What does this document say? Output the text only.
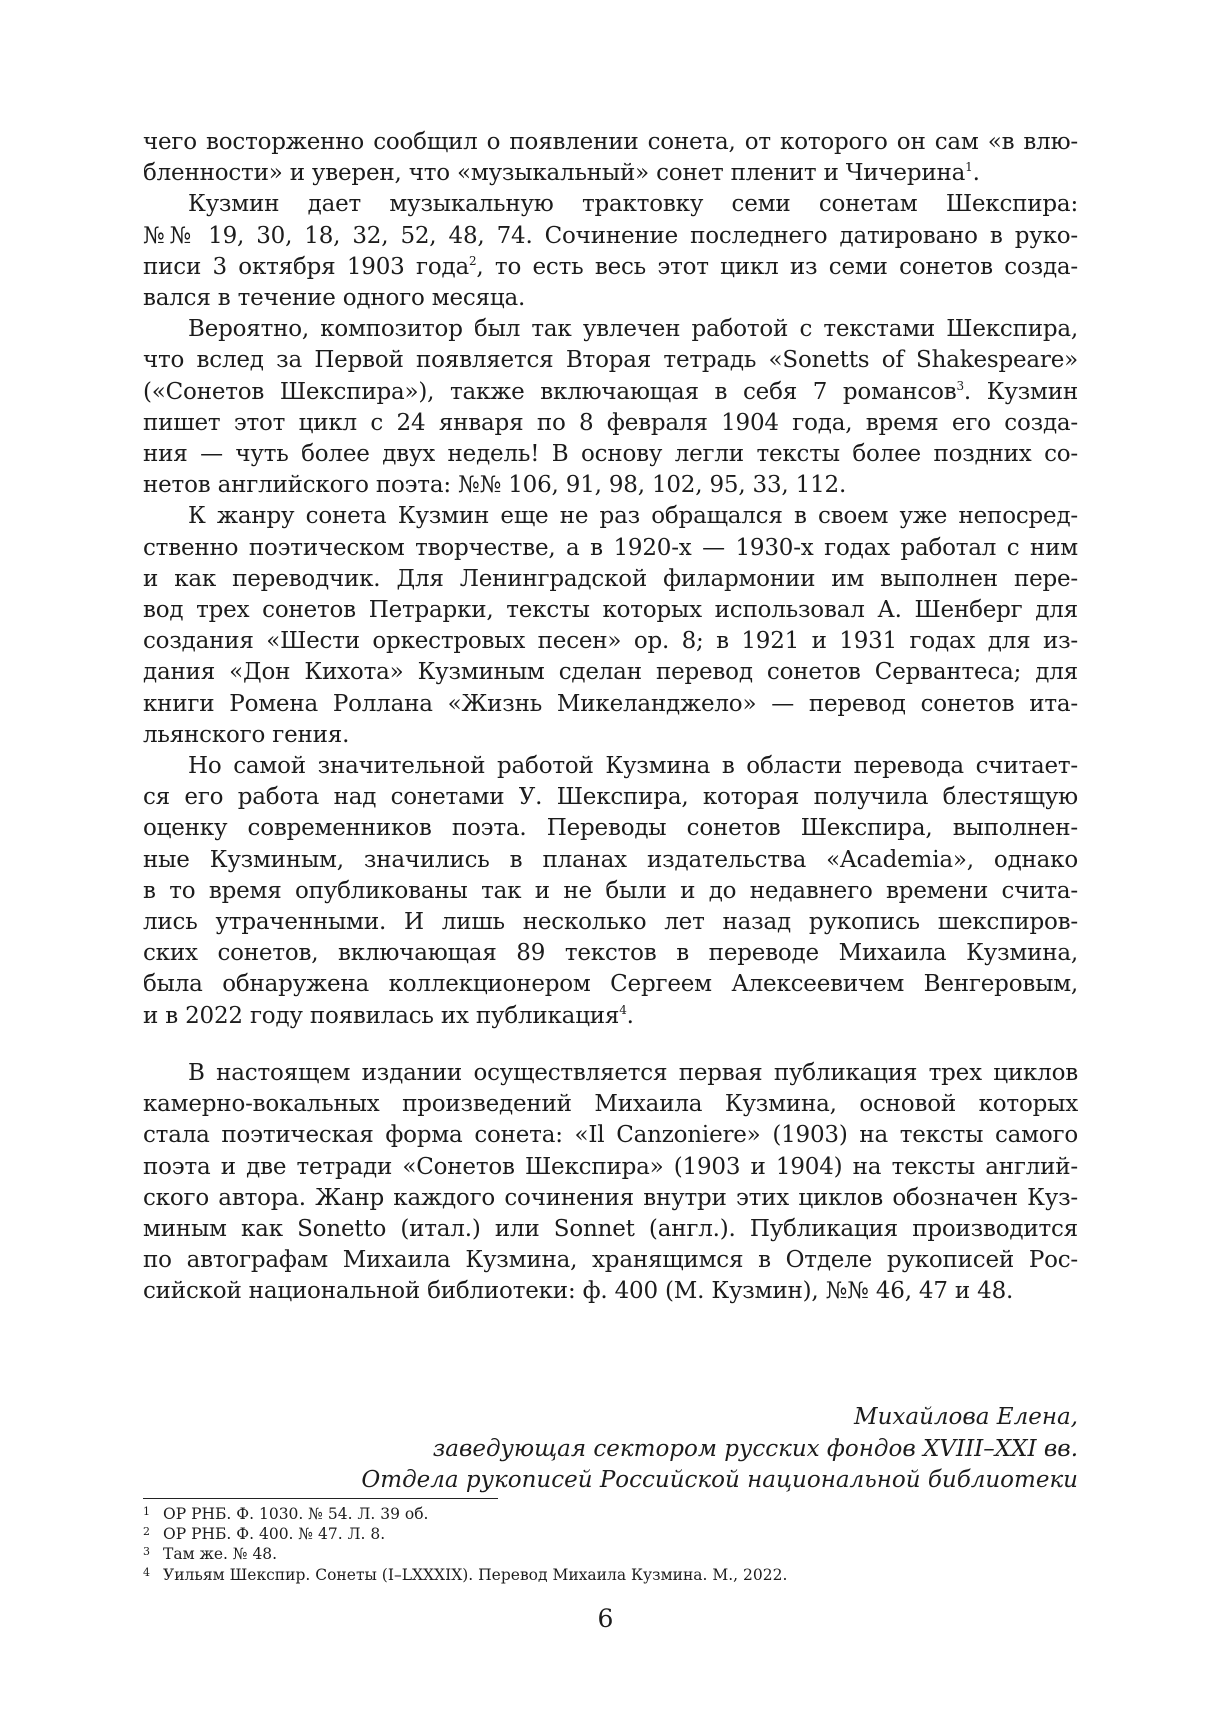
чего восторженно сообщил о появлении сонета, от которого он сам «в влю-
бленности» и уверен, что «музыкальный» сонет пленит и Чичерина$^1$.
Кузмин дает музыкальную трактовку семи сонетам Шекспира:
№№ 19, 30, 18, 32, 52, 48, 74. Сочинение последнего датировано в руко-
писи 3 октября 1903 года$^2$, то есть весь этот цикл из семи сонетов созда-
вался в течение одного месяца.
Вероятно, композитор был так увлечен работой с текстами Шекспира,
что вслед за Первой появляется Вторая тетрадь «Sonetts of Shakespeare»
(«Сонетов Шекспира»), также включающая в себя 7 романсов$^3$. Кузмин
пишет этот цикл с 24 января по 8 февраля 1904 года, время его созда-
ния — чуть более двух недель! В основу легли тексты более поздних со-
нетов английского поэта: №№ 106, 91, 98, 102, 95, 33, 112.
К жанру сонета Кузмин еще не раз обращался в своем уже непосред-
ственно поэтическом творчестве, а в 1920-х — 1930-х годах работал с ним
и как переводчик. Для Ленинградской филармонии им выполнен пере-
вод трех сонетов Петрарки, тексты которых использовал А. Шенберг для
создания «Шести оркестровых песен» op. 8; в 1921 и 1931 годах для из-
дания «Дон Кихота» Кузминым сделан перевод сонетов Сервантеса; для
книги Ромена Роллана «Жизнь Микеланджело» — перевод сонетов ита-
льянского гения.
Но самой значительной работой Кузмина в области перевода считает-
ся его работа над сонетами У. Шекспира, которая получила блестящую
оценку современников поэта. Переводы сонетов Шекспира, выполнен-
ные Кузминым, значились в планах издательства «Academia», однако
в то время опубликованы так и не были и до недавнего времени счита-
лись утраченными. И лишь несколько лет назад рукопись шекспиров-
ских сонетов, включающая 89 текстов в переводе Михаила Кузмина,
была обнаружена коллекционером Сергеем Алексеевичем Венгеровым,
и в 2022 году появилась их публикация$^4$.
В настоящем издании осуществляется первая публикация трех циклов
камерно-вокальных произведений Михаила Кузмина, основой которых
стала поэтическая форма сонета: «Il Canzoniere» (1903) на тексты самого
поэта и две тетради «Сонетов Шекспира» (1903 и 1904) на тексты англий-
ского автора. Жанр каждого сочинения внутри этих циклов обозначен Куз-
миным как Sonetto (итал.) или Sonnet (англ.). Публикация производится
по автографам Михаила Кузмина, хранящимся в Отделе рукописей Рос-
сийской национальной библиотеки: ф. 400 (М. Кузмин), №№ 46, 47 и 48.
Михайлова Елена,
заведующая сектором русских фондов XVIII–XXI вв.
Отдела рукописей Российской национальной библиотеки
1 ОР РНБ. Ф. 1030. № 54. Л. 39 об.
2 ОР РНБ. Ф. 400. № 47. Л. 8.
3 Там же. № 48.
4 Уильям Шекспир. Сонеты (I–LXXXIX). Перевод Михаила Кузмина. М., 2022.
6
